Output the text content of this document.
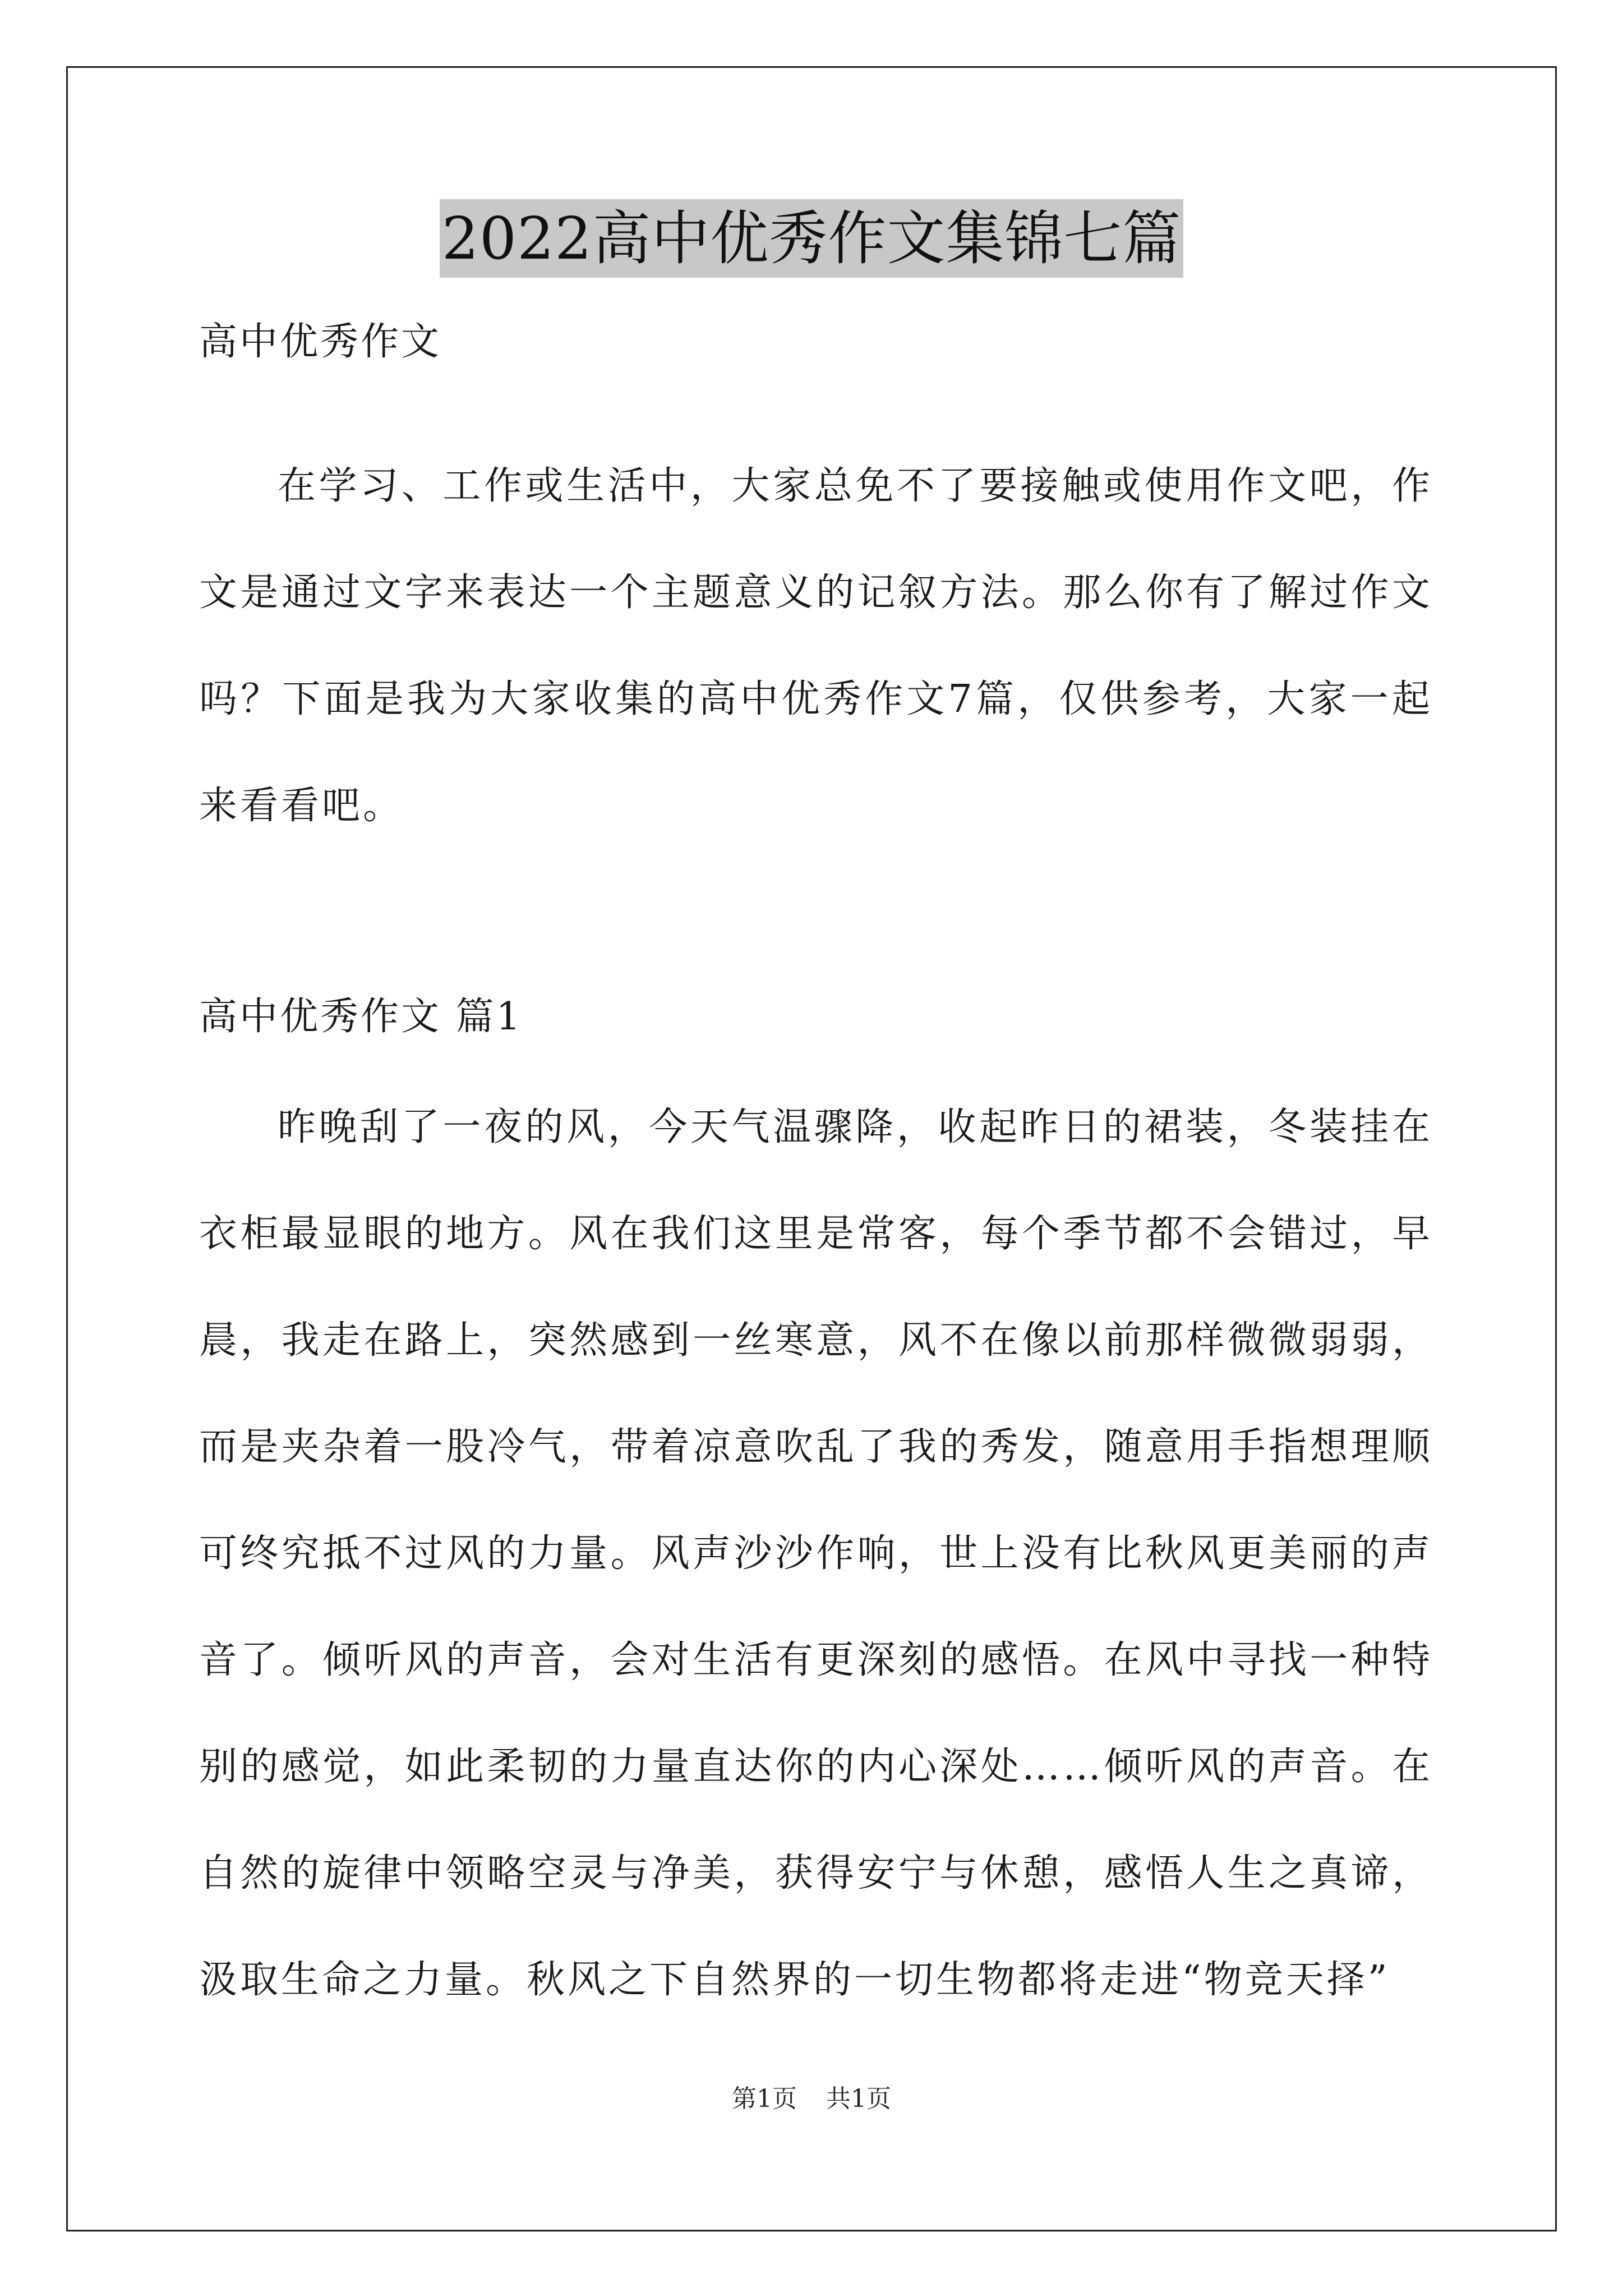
2022高中优秀作文集锦七篇
高中优秀作文
在学习、工作或生活中，大家总免不了要接触或使用作文吧，作文是通过文字来表达一个主题意义的记叙方法。那么你有了解过作文吗？下面是我为大家收集的高中优秀作文7篇，仅供参考，大家一起来看看吧。
高中优秀作文 篇1
昨晚刮了一夜的风，今天气温骤降，收起昨日的裙装，冬装挂在衣柜最显眼的地方。风在我们这里是常客，每个季节都不会错过，早晨，我走在路上，突然感到一丝寒意，风不在像以前那样微微弱弱，而是夹杂着一股冷气，带着凉意吹乱了我的秀发，随意用手指想理顺可终究抵不过风的力量。风声沙沙作响，世上没有比秋风更美丽的声音了。倾听风的声音，会对生活有更深刻的感悟。在风中寻找一种特别的感觉，如此柔韧的力量直达你的内心深处……倾听风的声音。在自然的旋律中领略空灵与净美，获得安宁与休憩，感悟人生之真谛，汲取生命之力量。秋风之下自然界的一切生物都将走进“物竞天择”
第1页 共1页
